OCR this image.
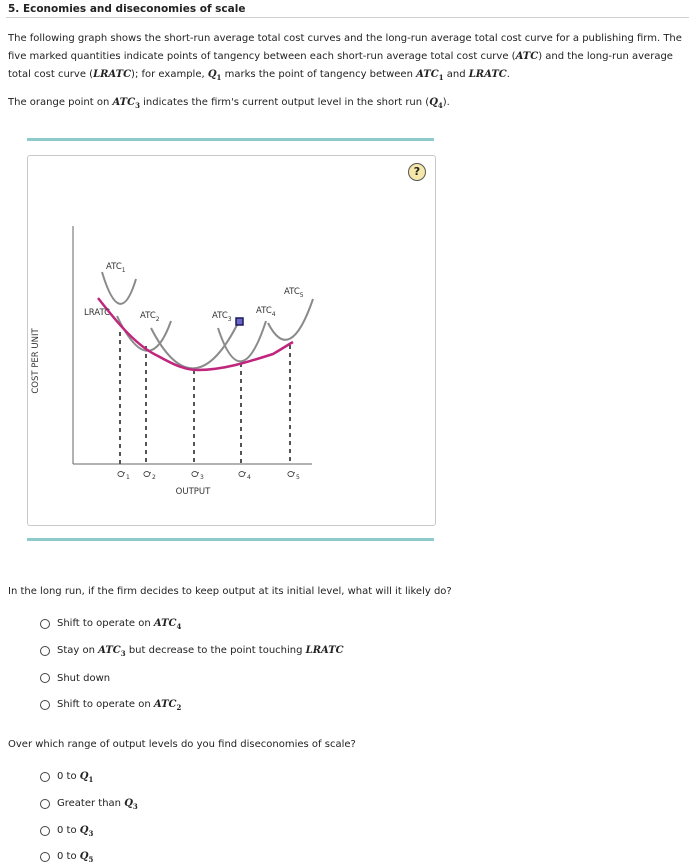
5. Economies and diseconomies of scale
The following graph shows the short-run average total cost curves and the long-run average total cost curve for a publishing firm. The five marked quantities indicate points of tangency between each short-run average total cost curve (ATC) and the long-run average total cost curve (LRATC); for example, $Q_1$ marks the point of tangency between $ATC_1$ and LRATC.
The orange point on $ATC_3$ indicates the firm's current output level in the short run $(Q_4)$.
?
COST PER UNIT
$ATC_1$
LRATC	$ATC_2$	$ATC_3$
$ATC_4$
$ATC_5$
Q 1 Q 2	Q 3	Q 4	Q 5
OUTPUT
In the long run, if the firm decides to keep output at its initial level, what will it likely do?
Shift to operate on $ATC_4$
Stay on $ATC_3$ but decrease to the point touching LRATC
Shut down
Shift to operate on $ATC_2$
Over which range of output levels do you find diseconomies of scale?
0 to $Q_1$
Greater than $Q_3$
0 to $Q_3$
0 to $Q_5$
